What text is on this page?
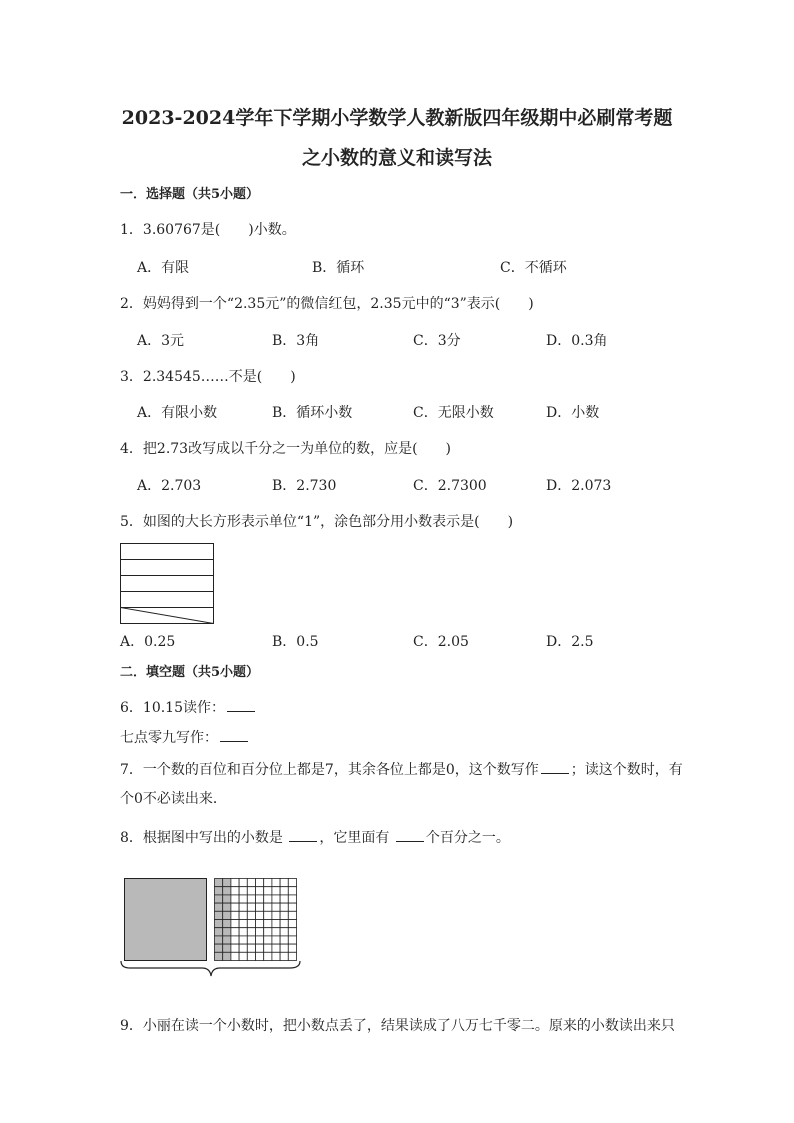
2023-2024学年下学期小学数学人教新版四年级期中必刷常考题
之小数的意义和读写法
一．选择题（共5小题）
1．3.60767是(　　)小数。
A．有限	B．循环	C．不循环
2．妈妈得到一个“2.35元”的微信红包，2.35元中的“3”表示(　　)
A．3元	B．3角	C．3分	D．0.3角
3．2.34545……不是(　　)
A．有限小数	B．循环小数	C．无限小数	D．小数
4．把2.73改写成以千分之一为单位的数，应是(　　)
A．2.703	B．2.730	C．2.7300	D．2.073
5．如图的大长方形表示单位“1”，涂色部分用小数表示是(　　)
A．0.25	B．0.5	C．2.05	D．2.5
二．填空题（共5小题）
6．10.15读作：
七点零九写作：
7．一个数的百位和百分位上都是7，其余各位上都是0，这个数写作 ；读这个数时，有
个0不必读出来．
8．根据图中写出的小数是	，它里面有	个百分之一。
9．小丽在读一个小数时，把小数点丢了，结果读成了八万七千零二。原来的小数读出来只
